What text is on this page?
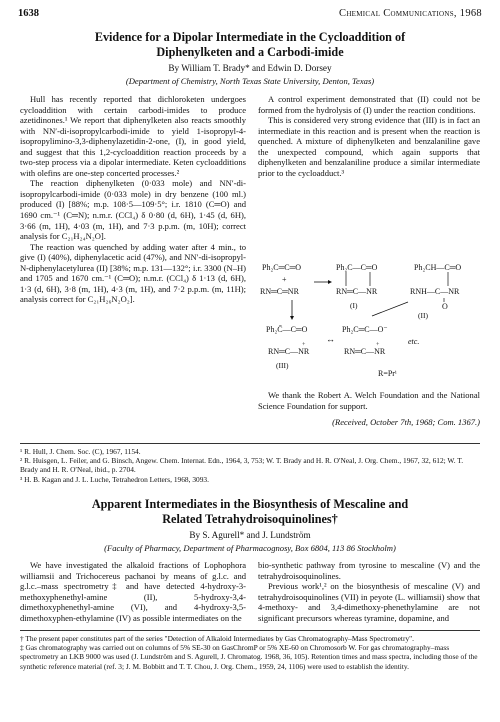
1638	Chemical Communications, 1968
Evidence for a Dipolar Intermediate in the Cycloaddition of
Diphenylketen and a Carbodi-imide
By William T. Brady* and Edwin D. Dorsey
(Department of Chemistry, North Texas State University, Denton, Texas)

Hull has recently reported that dichloroketen undergoes cycloaddition with certain carbodi-imides to produce azetidinones.¹ We report that diphenylketen also reacts smoothly with NN′-di-isopropylcarbodi-imide to yield 1-isopropyl-4-isopropylimino-3,3-diphenylazetidin-2-one, (I), in good yield, and suggest that this 1,2-cycloaddition reaction proceeds by a two-step process via a dipolar intermediate. Keten cycloadditions with olefins are one-step concerted processes.²

The reaction diphenylketen (0·033 mole) and NN′-di-isopropylcarbodi-imide (0·033 mole) in dry benzene (100 ml.) produced (I) [88%; m.p. 108·5—109·5°; i.r. 1810 (C═O) and 1690 cm.⁻¹ (C═N); n.m.r. (CCl₄) δ 0·80 (d, 6H), 1·45 (d, 6H), 3·66 (m, 1H), 4·03 (m, 1H), and 7·3 p.p.m. (m, 10H); correct analysis for C₂₁H₂₄N₂O].

The reaction was quenched by adding water after 4 min., to give (I) (40%), diphenylacetic acid (47%), and NN′-di-isopropyl-N-diphenylacetylurea (II) [38%; m.p. 131—132°; i.r. 3300 (N–H) and 1705 and 1670 cm.⁻¹ (C═O); n.m.r. (CCl₄) δ 1·13 (d, 6H), 1·3 (d, 6H), 3·8 (m, 1H), 4·3 (m, 1H), and 7·2 p.p.m. (m, 11H); analysis correct for C₂₁H₂₆N₂O₂].

A control experiment demonstrated that (II) could not be formed from the hydrolysis of (I) under the reaction conditions.

This is considered very strong evidence that (III) is in fact an intermediate in this reaction and is present when the reaction is quenched. A mixture of diphenylketen and benzalaniline gave the unexpected compound, which again supports that diphenylketen and benzalaniline produce a similar intermediate prior to the cycloadduct.³

Ph₂C═C═O
+
RN═C═NR
Ph₂C—C═O
RN═C—NR
Ph₂CH—C═O
RNH—C—NR
O
(I)
(II)
Ph₂C̄—C═O
RN═C—NR
+
↔
Ph₂C═C—O⁻
RN═C—NR
+	etc.
(III)
R=Prⁱ

We thank the Robert A. Welch Foundation and the National Science Foundation for support.

(Received, October 7th, 1968; Com. 1367.)

¹ R. Hull, J. Chem. Soc. (C), 1967, 1154.

² R. Huisgen, L. Feiler, and G. Binsch, Angew. Chem. Internat. Edn., 1964, 3, 753; W. T. Brady and H. R. O′Neal, J. Org. Chem., 1967, 32, 612; W. T. Brady and H. R. O′Neal, ibid., p. 2704.

³ H. B. Kagan and J. L. Luche, Tetrahedron Letters, 1968, 3093.

Apparent Intermediates in the Biosynthesis of Mescaline and
Related Tetrahydroisoquinolines†
By S. Agurell* and J. Lundström
(Faculty of Pharmacy, Department of Pharmacognosy, Box 6804, 113 86 Stockholm)

We have investigated the alkaloid fractions of Lophophora williamsii and Trichocereus pachanoi by means of g.l.c. and g.l.c.–mass spectrometry‡ and have detected 4-hydroxy-3-methoxyphenethyl-amine (II), 5-hydroxy-3,4-dimethoxyphenethyl-amine (VI), and 4-hydroxy-3,5-dimethoxyphen-ethylamine (IV) as possible intermediates on the

bio-synthetic pathway from tyrosine to mescaline (V) and the tetrahydroisoquinolines.

Previous work¹,² on the biosynthesis of mescaline (V) and tetrahydroisoquinolines (VII) in peyote (L. williamsii) show that 4-methoxy- and 3,4-dimethoxy-phenethylamine are not significant precursors whereas tyramine, dopamine, and

† The present paper constitutes part of the series "Detection of Alkaloid Intermediates by Gas Chromatography–Mass Spectrometry".

‡ Gas chromatography was carried out on columns of 5% SE-30 on GasChromP or 5% XE-60 on Chromosorb W. For gas chromatography–mass spectrometry an LKB 9000 was used (J. Lundström and S. Agurell, J. Chromatog. 1968, 36, 105). Retention times and mass spectra, including those of the synthetic reference material (ref. 3; J. M. Bobbitt and T. T. Chou, J. Org. Chem., 1959, 24, 1106) were used to establish the identity.
